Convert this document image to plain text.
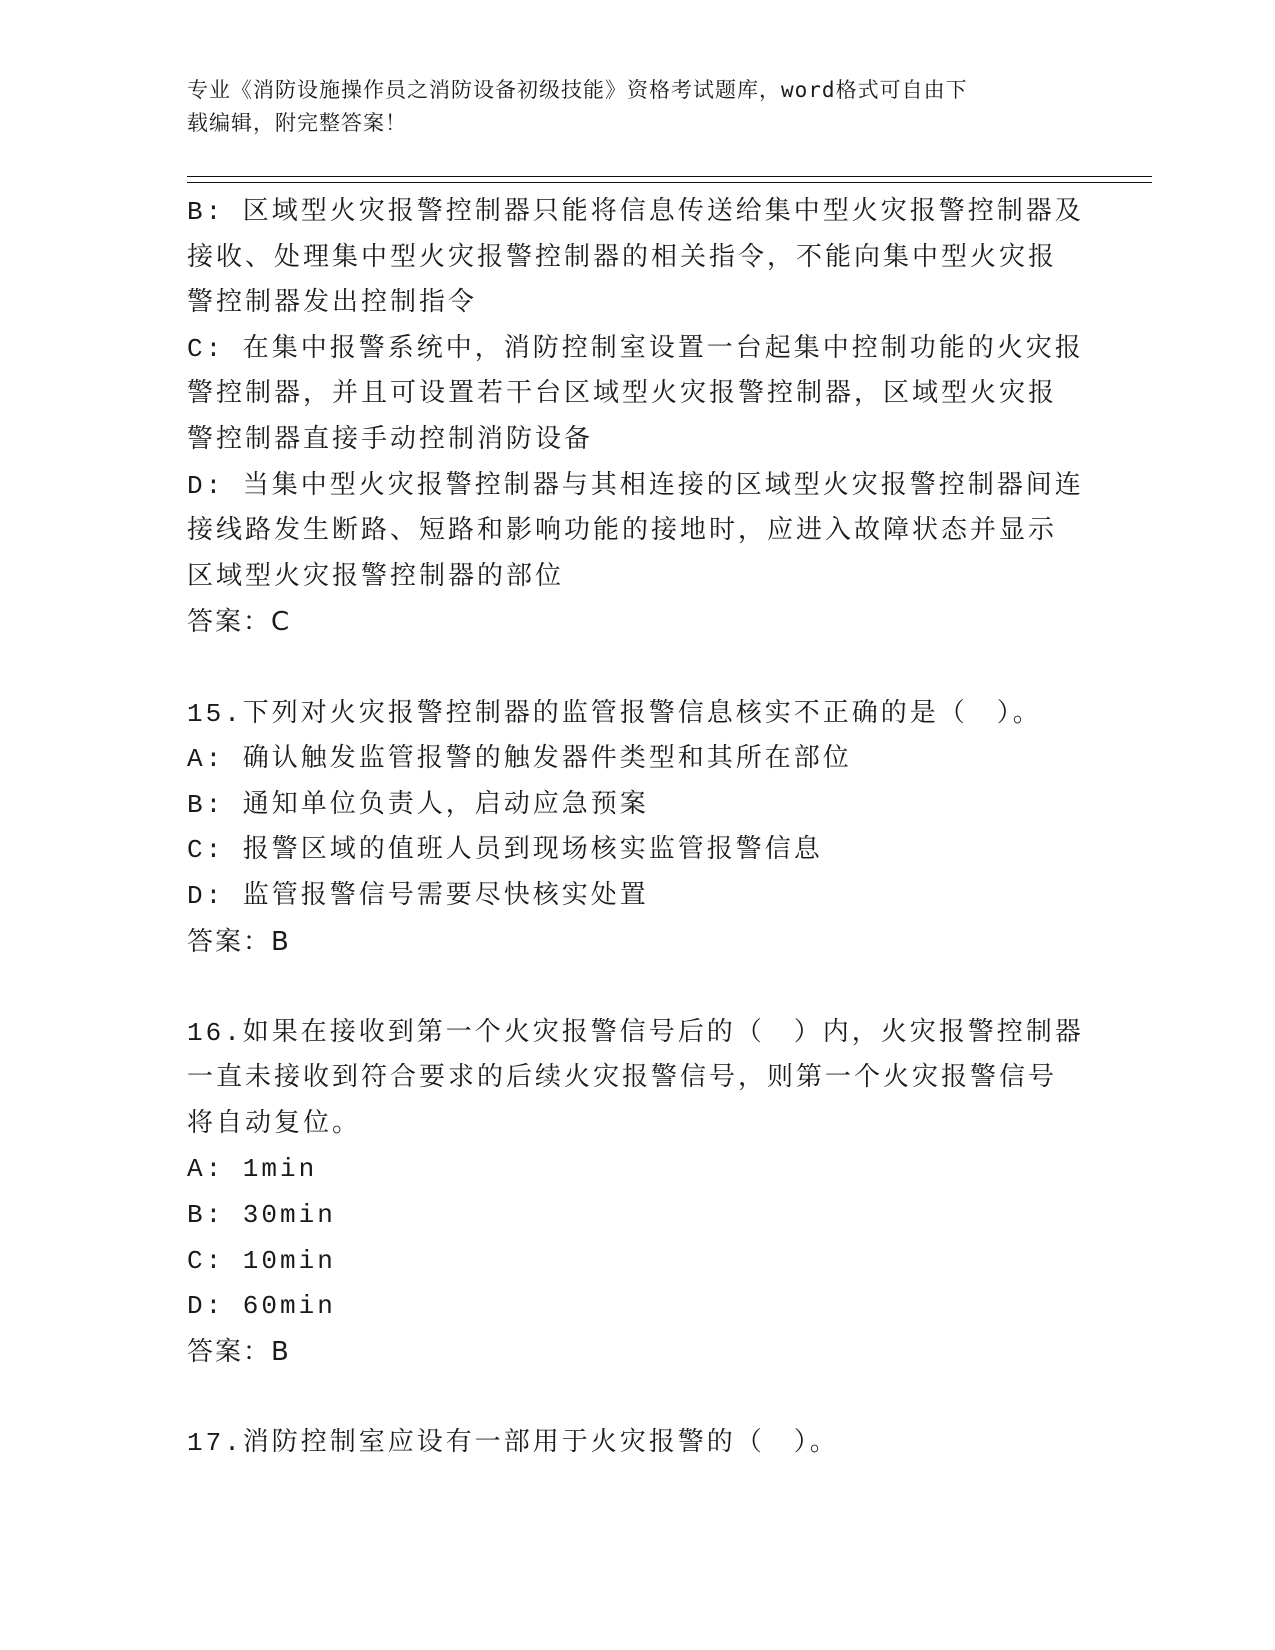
专业《消防设施操作员之消防设备初级技能》资格考试题库，word格式可自由下
载编辑，附完整答案！
B: 区域型火灾报警控制器只能将信息传送给集中型火灾报警控制器及
接收、处理集中型火灾报警控制器的相关指令，不能向集中型火灾报
警控制器发出控制指令
C: 在集中报警系统中，消防控制室设置一台起集中控制功能的火灾报
警控制器，并且可设置若干台区域型火灾报警控制器，区域型火灾报
警控制器直接手动控制消防设备
D: 当集中型火灾报警控制器与其相连接的区域型火灾报警控制器间连
接线路发生断路、短路和影响功能的接地时，应进入故障状态并显示
区域型火灾报警控制器的部位
答案：C
15.下列对火灾报警控制器的监管报警信息核实不正确的是（　）。
A: 确认触发监管报警的触发器件类型和其所在部位
B: 通知单位负责人，启动应急预案
C: 报警区域的值班人员到现场核实监管报警信息
D: 监管报警信号需要尽快核实处置
答案：B
16.如果在接收到第一个火灾报警信号后的（　）内，火灾报警控制器
一直未接收到符合要求的后续火灾报警信号，则第一个火灾报警信号
将自动复位。
A: 1min
B: 30min
C: 10min
D: 60min
答案：B
17.消防控制室应设有一部用于火灾报警的（　）。
